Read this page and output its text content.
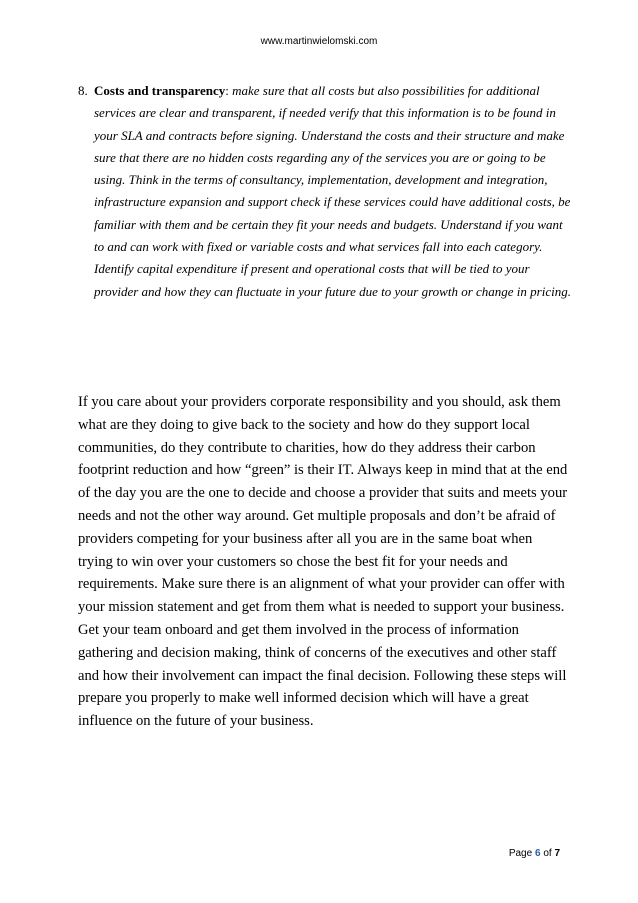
www.martinwielomski.com
8. Costs and transparency: make sure that all costs but also possibilities for additional services are clear and transparent, if needed verify that this information is to be found in your SLA and contracts before signing. Understand the costs and their structure and make sure that there are no hidden costs regarding any of the services you are or going to be using. Think in the terms of consultancy, implementation, development and integration, infrastructure expansion and support check if these services could have additional costs, be familiar with them and be certain they fit your needs and budgets. Understand if you want to and can work with fixed or variable costs and what services fall into each category. Identify capital expenditure if present and operational costs that will be tied to your provider and how they can fluctuate in your future due to your growth or change in pricing.

If you care about your providers corporate responsibility and you should, ask them what are they doing to give back to the society and how do they support local communities, do they contribute to charities, how do they address their carbon footprint reduction and how “green” is their IT. Always keep in mind that at the end of the day you are the one to decide and choose a provider that suits and meets your needs and not the other way around. Get multiple proposals and don’t be afraid of providers competing for your business after all you are in the same boat when trying to win over your customers so chose the best fit for your needs and requirements. Make sure there is an alignment of what your provider can offer with your mission statement and get from them what is needed to support your business. Get your team onboard and get them involved in the process of information gathering and decision making, think of concerns of the executives and other staff and how their involvement can impact the final decision. Following these steps will prepare you properly to make well informed decision which will have a great influence on the future of your business.

Page 6 of 7
